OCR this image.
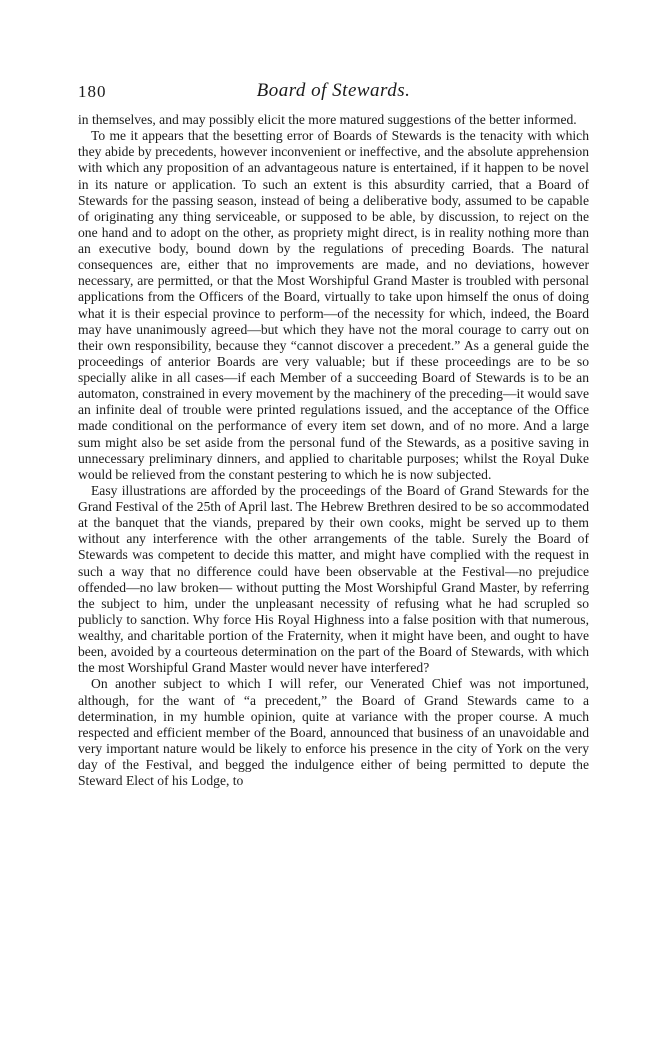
180	Board of Stewards.

in themselves, and may possibly elicit the more matured suggestions of the better informed.

To me it appears that the besetting error of Boards of Stewards is the tenacity with which they abide by precedents, however inconvenient or ineffective, and the absolute apprehension with which any proposition of an advantageous nature is entertained, if it happen to be novel in its nature or application. To such an extent is this absurdity carried, that a Board of Stewards for the passing season, instead of being a deliberative body, assumed to be capable of originating any thing serviceable, or supposed to be able, by discussion, to reject on the one hand and to adopt on the other, as propriety might direct, is in reality nothing more than an executive body, bound down by the regulations of preceding Boards. The natural consequences are, either that no improvements are made, and no deviations, however necessary, are permitted, or that the Most Worshipful Grand Master is troubled with personal applications from the Officers of the Board, virtually to take upon himself the onus of doing what it is their especial province to perform—of the necessity for which, indeed, the Board may have unanimously agreed—but which they have not the moral courage to carry out on their own responsibility, because they “cannot discover a precedent.” As a general guide the proceedings of anterior Boards are very valuable; but if these proceedings are to be so specially alike in all cases—if each Member of a succeeding Board of Stewards is to be an automaton, constrained in every movement by the machinery of the preceding—it would save an infinite deal of trouble were printed regulations issued, and the acceptance of the Office made conditional on the performance of every item set down, and of no more. And a large sum might also be set aside from the personal fund of the Stewards, as a positive saving in unnecessary preliminary dinners, and applied to charitable purposes; whilst the Royal Duke would be relieved from the constant pestering to which he is now subjected.

Easy illustrations are afforded by the proceedings of the Board of Grand Stewards for the Grand Festival of the 25th of April last. The Hebrew Brethren desired to be so accommodated at the banquet that the viands, prepared by their own cooks, might be served up to them without any interference with the other arrangements of the table. Surely the Board of Stewards was competent to decide this matter, and might have complied with the request in such a way that no difference could have been observable at the Festival—no prejudice offended—no law broken— without putting the Most Worshipful Grand Master, by referring the subject to him, under the unpleasant necessity of refusing what he had scrupled so publicly to sanction. Why force His Royal Highness into a false position with that numerous, wealthy, and charitable portion of the Fraternity, when it might have been, and ought to have been, avoided by a courteous determination on the part of the Board of Stewards, with which the most Worshipful Grand Master would never have interfered?

On another subject to which I will refer, our Venerated Chief was not importuned, although, for the want of “a precedent,” the Board of Grand Stewards came to a determination, in my humble opinion, quite at variance with the proper course. A much respected and efficient member of the Board, announced that business of an unavoidable and very important nature would be likely to enforce his presence in the city of York on the very day of the Festival, and begged the indulgence either of being permitted to depute the Steward Elect of his Lodge, to
